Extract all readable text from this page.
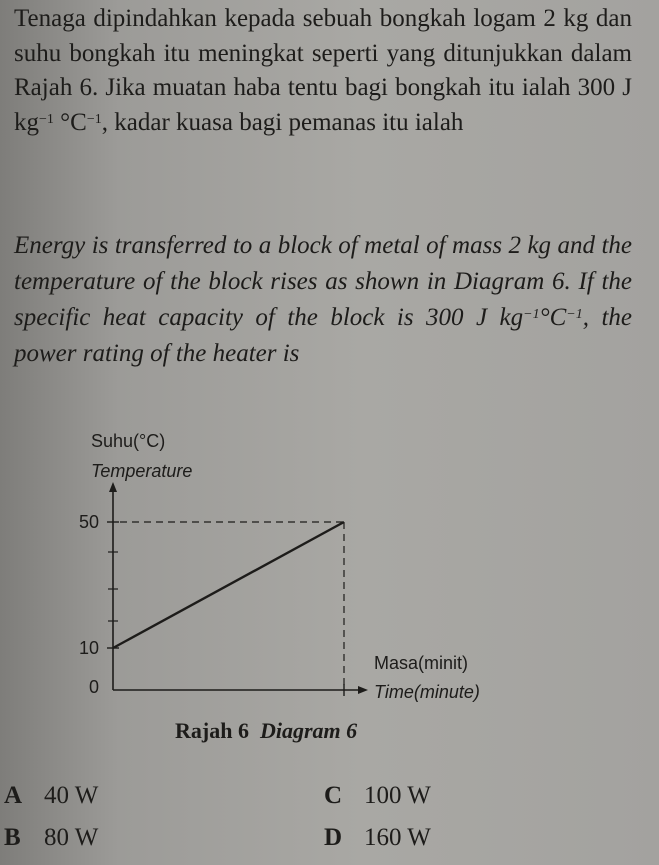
Tenaga dipindahkan kepada sebuah bongkah logam 2 kg dan suhu bongkah itu meningkat seperti yang ditunjukkan dalam Rajah 6. Jika muatan haba tentu bagi bongkah itu ialah 300 J $kg^{-1}$ $^\circ C^{-1}$, kadar kuasa bagi pemanas itu ialah

Energy is transferred to a block of metal of mass 2 kg and the temperature of the block rises as shown in Diagram 6. If the specific heat capacity of the block is 300 J $kg^{-1}^\circ C^{-1}$, the power rating of the heater is

Suhu(°C)
Temperature
50
10
0
Masa(minit)
Time(minute)
Rajah 6 Diagram 6
A 40 W
B 80 W
C 100 W
D 160 W
